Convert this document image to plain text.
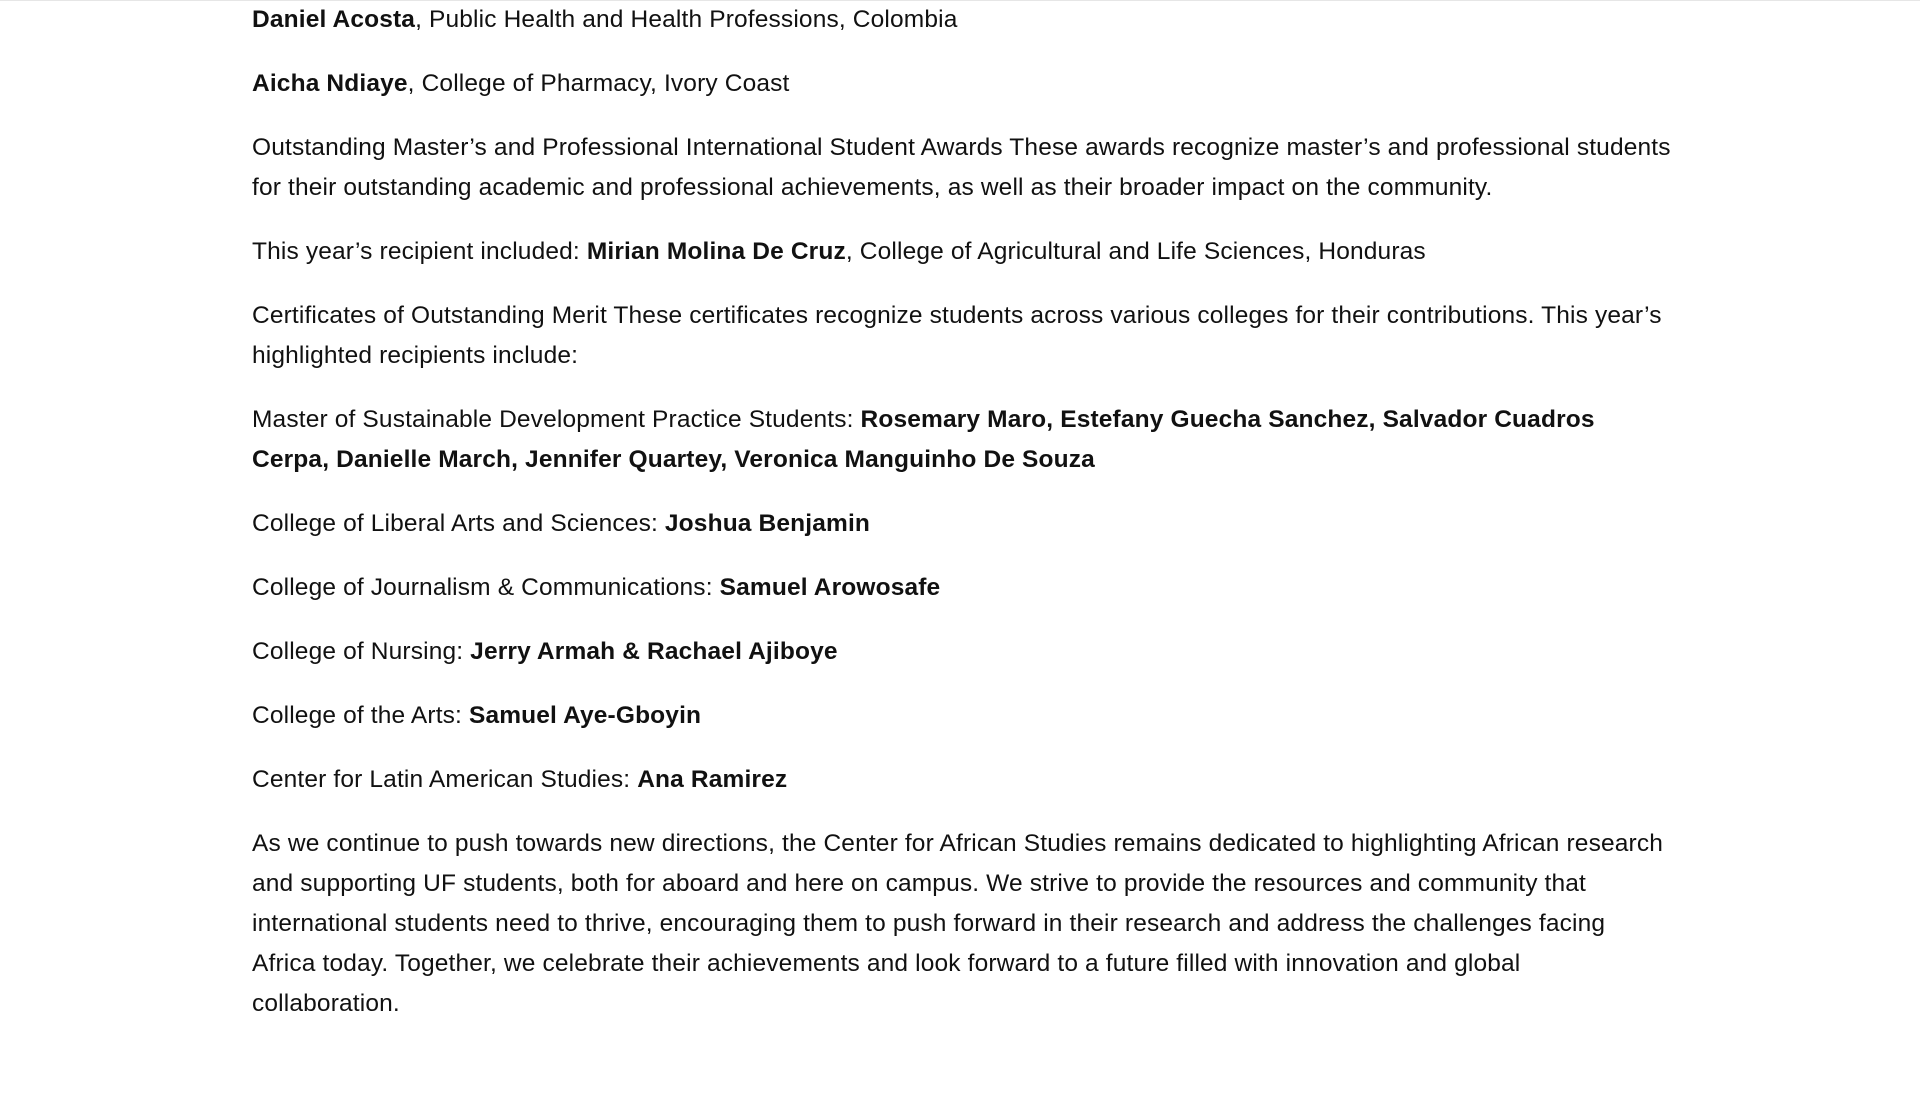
Daniel Acosta, Public Health and Health Professions, Colombia

Aicha Ndiaye, College of Pharmacy, Ivory Coast

Outstanding Master’s and Professional International Student Awards These awards recognize master’s and professional students for their outstanding academic and professional achievements, as well as their broader impact on the community.

This year’s recipient included: Mirian Molina De Cruz, College of Agricultural and Life Sciences, Honduras

Certificates of Outstanding Merit These certificates recognize students across various colleges for their contributions. This year’s highlighted recipients include:

Master of Sustainable Development Practice Students: Rosemary Maro, Estefany Guecha Sanchez, Salvador Cuadros Cerpa, Danielle March, Jennifer Quartey, Veronica Manguinho De Souza

College of Liberal Arts and Sciences: Joshua Benjamin

College of Journalism & Communications: Samuel Arowosafe

College of Nursing: Jerry Armah & Rachael Ajiboye

College of the Arts: Samuel Aye-Gboyin

Center for Latin American Studies: Ana Ramirez

As we continue to push towards new directions, the Center for African Studies remains dedicated to highlighting African research and supporting UF students, both for aboard and here on campus. We strive to provide the resources and community that international students need to thrive, encouraging them to push forward in their research and address the challenges facing Africa today. Together, we celebrate their achievements and look forward to a future filled with innovation and global collaboration.
